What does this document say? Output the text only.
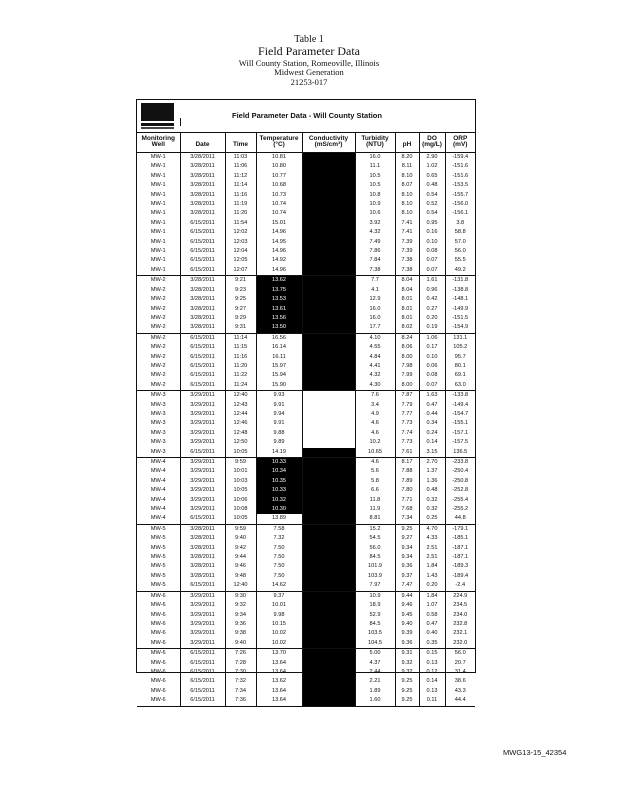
Table 1
Field Parameter Data
Will County Station, Romeoville, Illinois
Midwest Generation
21253-017
Field Parameter Data - Will County Station
Monitoring			Temperature	Conductivity	Turbidity		DO	ORP
Well	Date	Time	(°C)	(mS/cm³)	(NTU)	pH	(mg/L)	(mV)
MW-1	3/28/2011	11:03	10.81		16.0	8.20	2.90	-159.4
MW-1	3/28/2011	11:06	10.80		11.1	8.11	1.02	-151.6
MW-1	3/28/2011	11:12	10.77		10.5	8.10	0.65	-151.6
MW-1	3/28/2011	11:14	10.68		10.5	8.07	0.48	-153.5
MW-1	3/28/2011	11:16	10.73		10.8	8.10	0.54	-155.7
MW-1	3/28/2011	11:19	10.74		10.9	8.10	0.52	-156.0
MW-1	3/28/2011	11:20	10.74		10.6	8.10	0.54	-156.1
MW-1	6/15/2011	11:54	15.01		3.92	7.41	0.95	3.8
MW-1	6/15/2011	12:02	14.96		4.32	7.41	0.16	58.8
MW-1	6/15/2011	12:03	14.95		7.49	7.39	0.10	57.0
MW-1	6/15/2011	12:04	14.96		7.86	7.39	0.08	56.0
MW-1	6/15/2011	12:05	14.92		7.84	7.38	0.07	55.5
MW-1	6/15/2011	12:07	14.96		7.38	7.38	0.07	49.2
MW-2	3/28/2011	9:21	13.62		7.7	8.04	1.61	-131.8
MW-2	3/28/2011	9:23	13.75		4.1	8.04	0.96	-138.8
MW-2	3/28/2011	9:25	13.53		12.9	8.01	0.42	-148.1
MW-2	3/28/2011	9:27	13.61		16.0	8.01	0.27	-149.9
MW-2	3/28/2011	9:29	13.56		16.0	8.01	0.20	-151.5
MW-2	3/28/2011	9:31	13.50		17.7	8.02	0.19	-154.9
MW-2	6/15/2011	11:14	16.56		4.10	8.24	1.06	131.1
MW-2	6/15/2011	11:15	16.14		4.55	8.06	0.17	105.2
MW-2	6/15/2011	11:16	16.11		4.84	8.00	0.10	95.7
MW-2	6/15/2011	11:20	15.97		4.41	7.98	0.06	80.1
MW-2	6/15/2011	11:22	15.94		4.32	7.99	0.08	69.1
MW-2	6/15/2011	11:24	15.90		4.30	8.00	0.07	63.0
MW-3	3/29/2011	12:40	9.93		7.6	7.87	1.63	-133.8
MW-3	3/29/2011	12:43	9.91		3.4	7.79	0.47	-149.4
MW-3	3/29/2011	12:44	9.94		4.9	7.77	0.44	-154.7
MW-3	3/29/2011	12:46	9.91		4.6	7.73	0.34	-155.1
MW-3	3/29/2011	12:48	9.88		4.6	7.74	0.24	-157.1
MW-3	3/29/2011	12:50	9.89		10.2	7.73	0.14	-157.5
MW-3	6/15/2011	10:05	14.19		10.65	7.61	3.15	136.5
MW-4	3/29/2011	9:59	10.33		4.6	8.17	2.70	-233.8
MW-4	3/29/2011	10:01	10.34		5.6	7.88	1.37	-250.4
MW-4	3/29/2011	10:03	10.35		5.8	7.89	1.36	-250.8
MW-4	3/29/2011	10:05	10.33		6.6	7.80	0.48	-252.8
MW-4	3/29/2011	10:06	10.32		11.8	7.71	0.32	-255.4
MW-4	3/29/2011	10:08	10.30		11.9	7.68	0.32	-255.2
MW-4	6/15/2011	10:05	13.89		8.81	7.34	0.25	44.8
MW-5	3/28/2011	9:59	7.58		15.2	9.25	4.70	-179.1
MW-5	3/28/2011	9:40	7.32		54.5	9.27	4.33	-185.1
MW-5	3/28/2011	9:42	7.50		56.0	9.34	2.51	-187.1
MW-5	3/28/2011	9:44	7.50		84.5	9.34	2.51	-187.1
MW-5	3/28/2011	9:46	7.50		101.9	9.36	1.84	-189.3
MW-5	3/28/2011	9:48	7.50		103.9	9.37	1.43	-189.4
MW-5	6/15/2011	12:40	14.62		7.97	7.47	0.20	-2.4
MW-6	3/29/2011	9:30	9.37		10.9	9.44	1.84	224.9
MW-6	3/29/2011	9:32	10.01		18.9	9.46	1.07	234.5
MW-6	3/29/2011	9:34	9.98		52.9	9.45	0.58	234.0
MW-6	3/29/2011	9:36	10.15		84.5	9.40	0.47	232.8
MW-6	3/29/2011	9:38	10.02		103.5	9.39	0.40	232.1
MW-6	3/29/2011	9:40	10.02		104.5	9.36	0.35	232.0
MW-6	6/15/2011	7:26	13.70		5.00	9.31	0.15	56.0
MW-6	6/15/2011	7:28	13.64		4.37	9.32	0.13	20.7
MW-6	6/15/2011	7:30	13.64		2.44	9.32	0.12	31.4
MW-6	6/15/2011	7:32	13.62		2.21	9.25	0.14	38.6
MW-6	6/15/2011	7:34	13.64		1.89	9.25	0.13	43.3
MW-6	6/15/2011	7:36	13.64		1.60	9.25	0.11	44.4
MWG13-15_42354
